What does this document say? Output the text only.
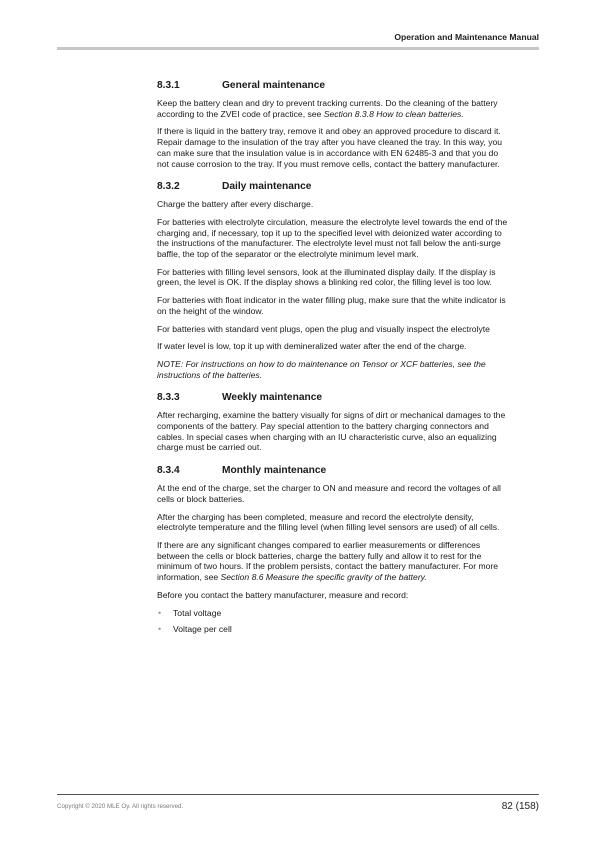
Operation and Maintenance Manual
8.3.1	General maintenance

Keep the battery clean and dry to prevent tracking currents. Do the cleaning of the battery according to the ZVEI code of practice, see Section 8.3.8 How to clean batteries.

If there is liquid in the battery tray, remove it and obey an approved procedure to discard it. Repair damage to the insulation of the tray after you have cleaned the tray. In this way, you can make sure that the insulation value is in accordance with EN 62485-3 and that you do not cause corrosion to the tray. If you must remove cells, contact the battery manufacturer.

8.3.2	Daily maintenance

Charge the battery after every discharge.

For batteries with electrolyte circulation, measure the electrolyte level towards the end of the charging and, if necessary, top it up to the specified level with deionized water according to the instructions of the manufacturer. The electrolyte level must not fall below the anti-surge baffle, the top of the separator or the electrolyte minimum level mark.

For batteries with filling level sensors, look at the illuminated display daily. If the display is green, the level is OK. If the display shows a blinking red color, the filling level is too low.

For batteries with float indicator in the water filling plug, make sure that the white indicator is on the height of the window.

For batteries with standard vent plugs, open the plug and visually inspect the electrolyte

If water level is low, top it up with demineralized water after the end of the charge.

NOTE: For instructions on how to do maintenance on Tensor or XCF batteries, see the instructions of the batteries.

8.3.3	Weekly maintenance

After recharging, examine the battery visually for signs of dirt or mechanical damages to the components of the battery. Pay special attention to the battery charging connectors and cables. In special cases when charging with an IU characteristic curve, also an equalizing charge must be carried out.

8.3.4	Monthly maintenance

At the end of the charge, set the charger to ON and measure and record the voltages of all cells or block batteries.

After the charging has been completed, measure and record the electrolyte density, electrolyte temperature and the filling level (when filling level sensors are used) of all cells.

If there are any significant changes compared to earlier measurements or differences between the cells or block batteries, charge the battery fully and allow it to rest for the minimum of two hours. If the problem persists, contact the battery manufacturer. For more information, see Section 8.6 Measure the specific gravity of the battery.

Before you contact the battery manufacturer, measure and record:

• Total voltage
• Voltage per cell
Copyright © 2020 MLE Oy. All rights reserved.	82 (158)
